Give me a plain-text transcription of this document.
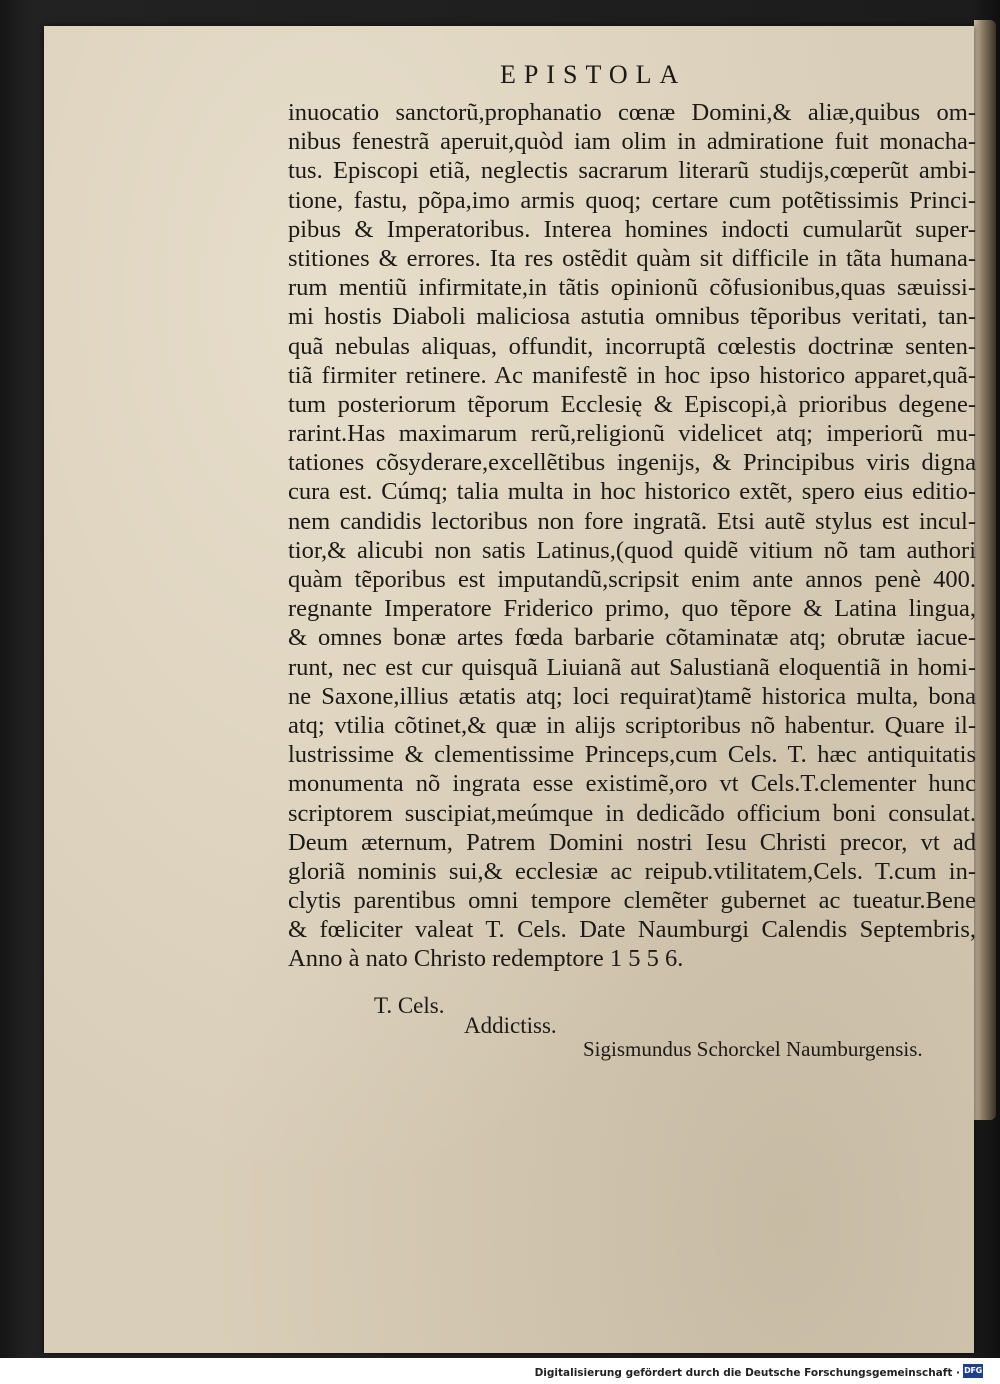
EPISTOLA
inuocatio sanctorũ,prophanatio cœnæ Domini,& aliæ,quibus om-
nibus fenestrã aperuit,quòd iam olim in admiratione fuit monacha-
tus. Episcopi etiã, neglectis sacrarum literarũ studijs,cœperũt ambi-
tione, fastu, põpa,imo armis quoq; certare cum potẽtissimis Princi-
pibus & Imperatoribus. Interea homines indocti cumularũt super-
stitiones & errores. Ita res ostẽdit quàm sit difficile in tãta humana-
rum mentiũ infirmitate,in tãtis opinionũ cõfusionibus,quas sæuissi-
mi hostis Diaboli maliciosa astutia omnibus tẽporibus veritati, tan-
quã nebulas aliquas, offundit, incorruptã cœlestis doctrinæ senten-
tiã firmiter retinere. Ac manifestẽ in hoc ipso historico apparet,quã-
tum posteriorum tẽporum Ecclesię & Episcopi,à prioribus degene-
rarint.Has maximarum rerũ,religionũ videlicet atq; imperiorũ mu-
tationes cõsyderare,excellẽtibus ingenijs, & Principibus viris digna
cura est. Cúmq; talia multa in hoc historico extẽt, spero eius editio-
nem candidis lectoribus non fore ingratã. Etsi autẽ stylus est incul-
tior,& alicubi non satis Latinus,(quod quidẽ vitium nõ tam authori
quàm tẽporibus est imputandũ,scripsit enim ante annos penè 400.
regnante Imperatore Friderico primo, quo tẽpore & Latina lingua,
& omnes bonæ artes fœda barbarie cõtaminatæ atq; obrutæ iacue-
runt, nec est cur quisquã Liuianã aut Salustianã eloquentiã in homi-
ne Saxone,illius ætatis atq; loci requirat)tamẽ historica multa, bona
atq; vtilia cõtinet,& quæ in alijs scriptoribus nõ habentur. Quare il-
lustrissime & clementissime Princeps,cum Cels. T. hæc antiquitatis
monumenta nõ ingrata esse existimẽ,oro vt Cels.T.clementer hunc
scriptorem suscipiat,meúmque in dedicãdo officium boni consulat.
Deum æternum, Patrem Domini nostri Iesu Christi precor, vt ad
gloriã nominis sui,& ecclesiæ ac reipub.vtilitatem,Cels. T.cum in-
clytis parentibus omni tempore clemẽter gubernet ac tueatur.Bene
& fœliciter valeat T. Cels. Date Naumburgi Calendis Septembris,
Anno à nato Christo redemptore 1 5 5 6.
T. Cels.
Addictiss.
Sigismundus Schorckel Naumburgensis.
Digitalisierung gefördert durch die Deutsche Forschungsgemeinschaft · DFG
